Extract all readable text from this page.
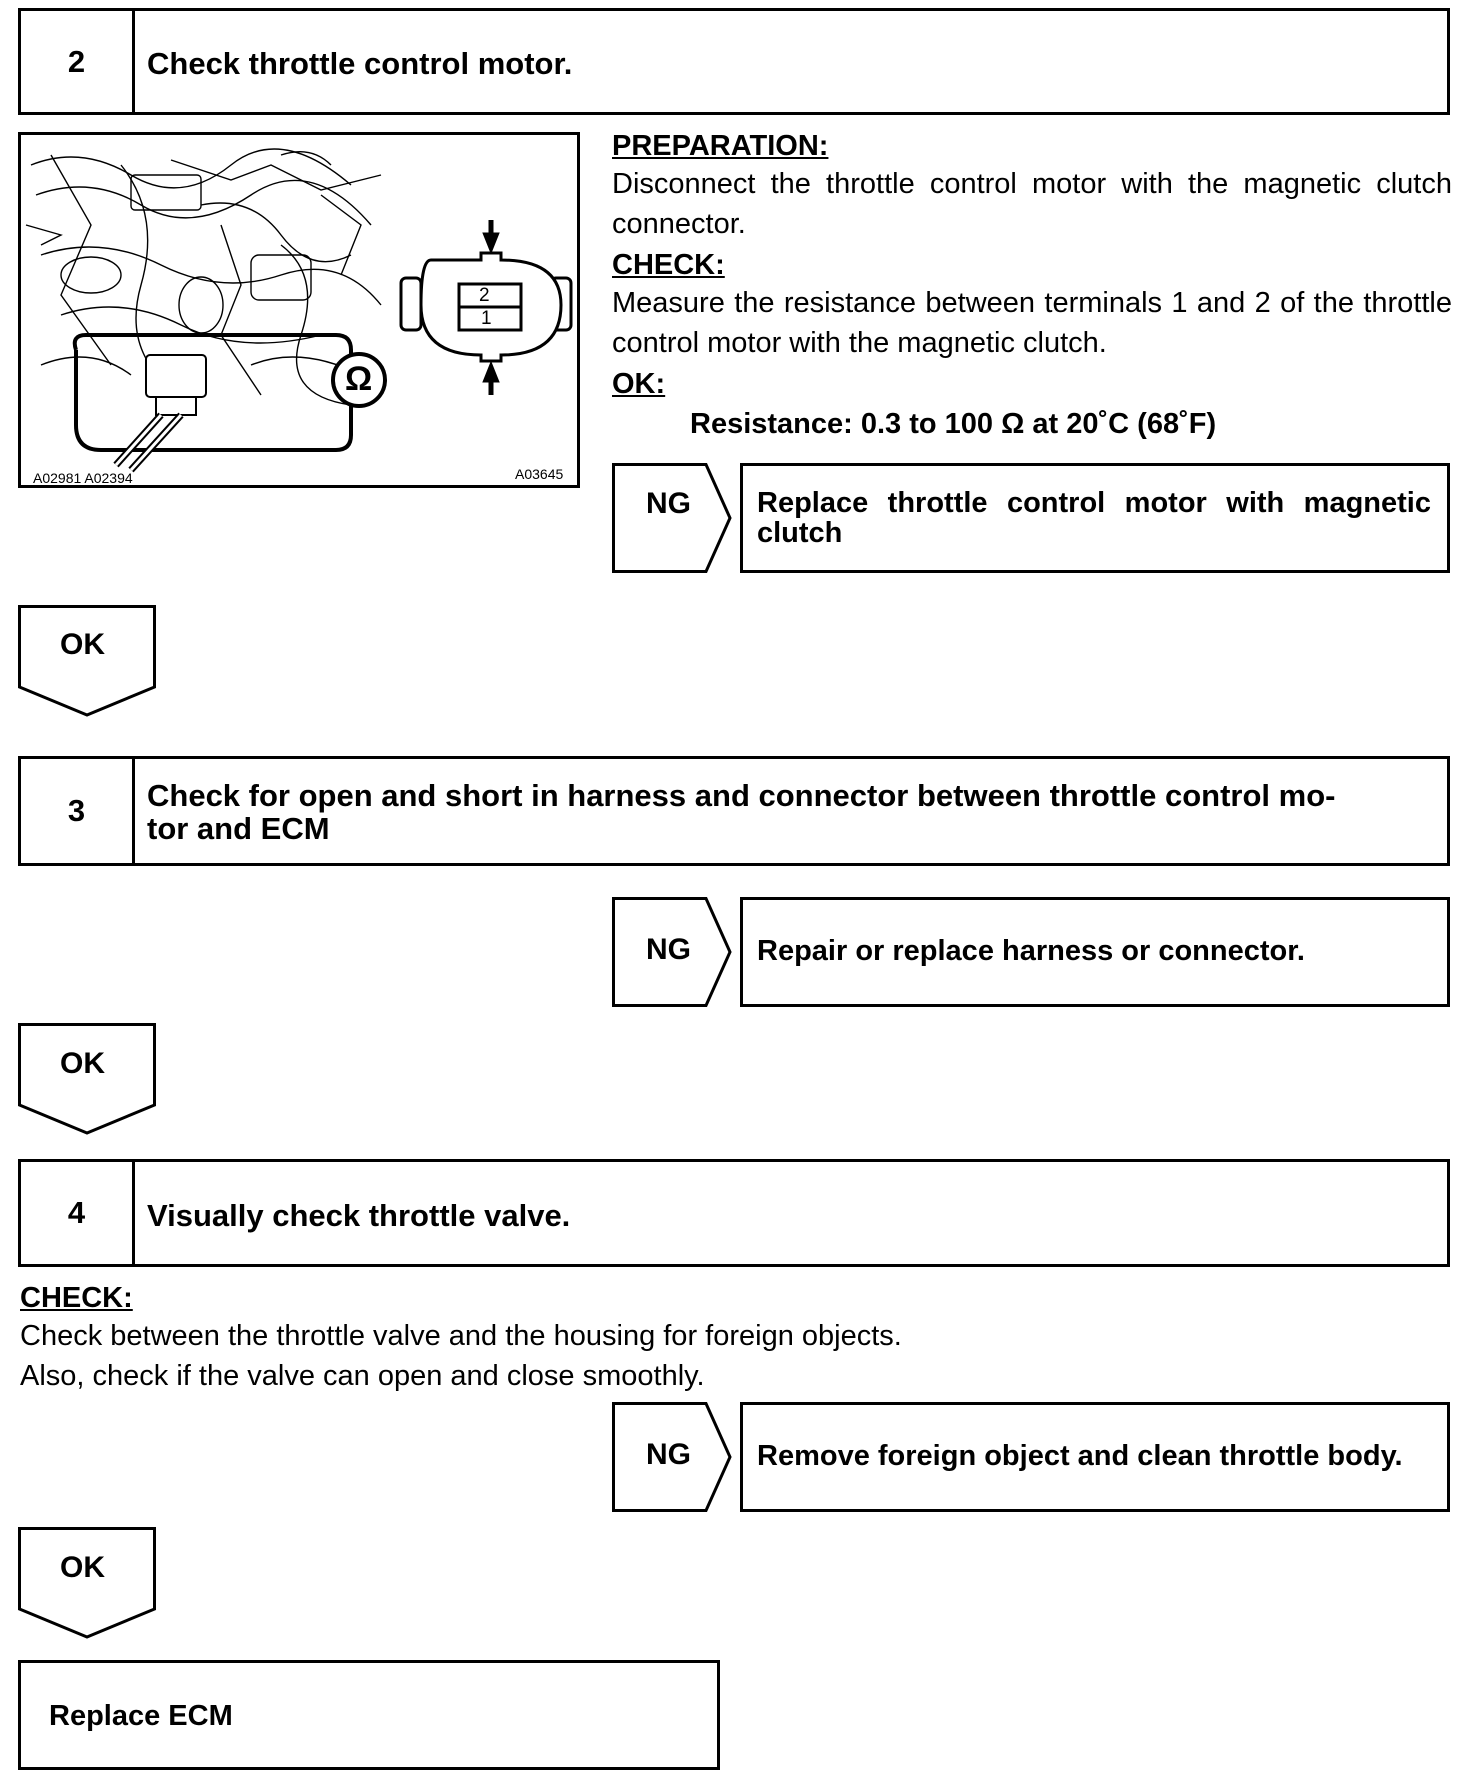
2	Check throttle control motor.
2
1
Ω
A02981 A02394	A03645
PREPARATION:
Disconnect the throttle control motor with the magnetic clutch connector.
CHECK:
Measure the resistance between terminals 1 and 2 of the throttle control motor with the magnetic clutch.
OK:
Resistance: 0.3 to 100 Ω at 20˚C (68˚F)
NG Replace throttle control motor with magnetic clutch
OK
3	Check for open and short in harness and connector between throttle control mo-
tor and ECM
NG Repair or replace harness or connector.
OK
4	Visually check throttle valve.
CHECK:
Check between the throttle valve and the housing for foreign objects.
Also, check if the valve can open and close smoothly.
NG Remove foreign object and clean throttle body.
OK
Replace ECM
